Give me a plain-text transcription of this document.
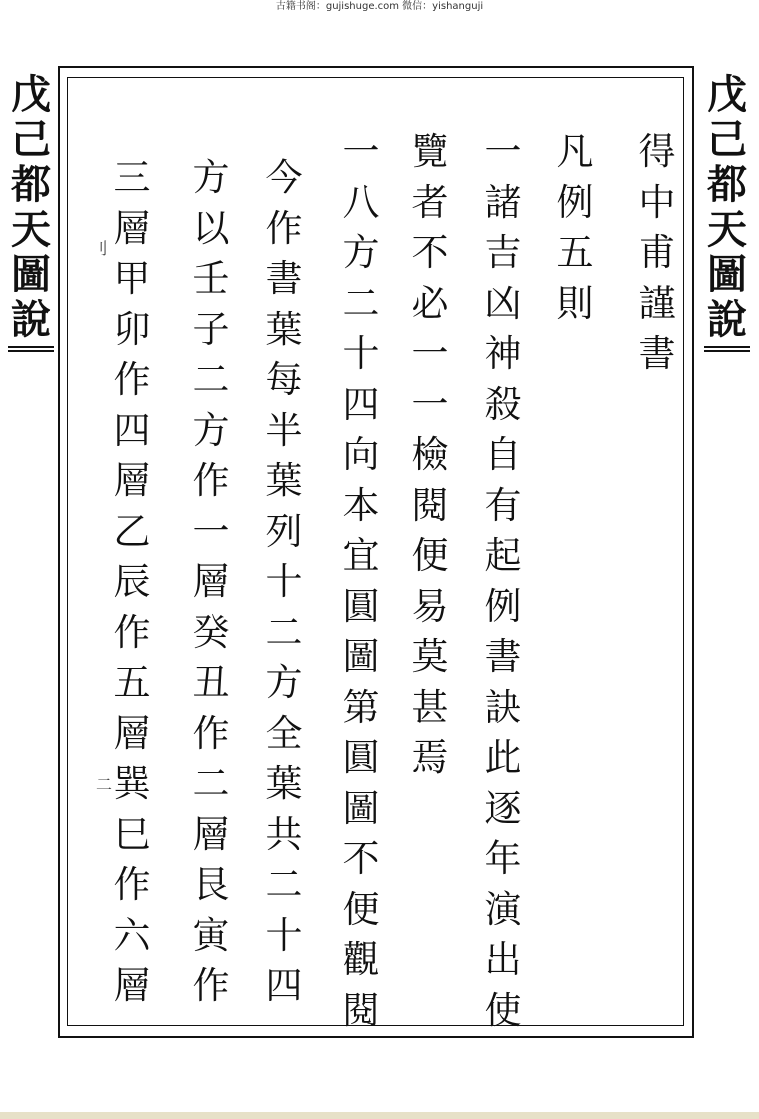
古籍书阁：gujishuge.com 微信：yishanguji
戊
己
都
天
圖
說
戊
己
都
天
圖
說
得
中
甫
謹
書
凡
例
五
則
一
諸
吉
凶
神
殺
自
有
起
例
書
訣
此
逐
年
演
出
使
覽
者
不
必
一
一
檢
閱
便
易
莫
甚
焉
一
八
方
二
十
四
向
本
宜
圓
圖
第
圓
圖
不
便
觀
閱
今
作
書
葉
每
半
葉
列
十
二
方
全
葉
共
二
十
四
方
以
壬
子
二
方
作
一
層
癸
丑
作
二
層
艮
寅
作
三
層
甲
卯
作
四
層
乙
辰
作
五
層
巽
巳
作
六
層
刂
二
